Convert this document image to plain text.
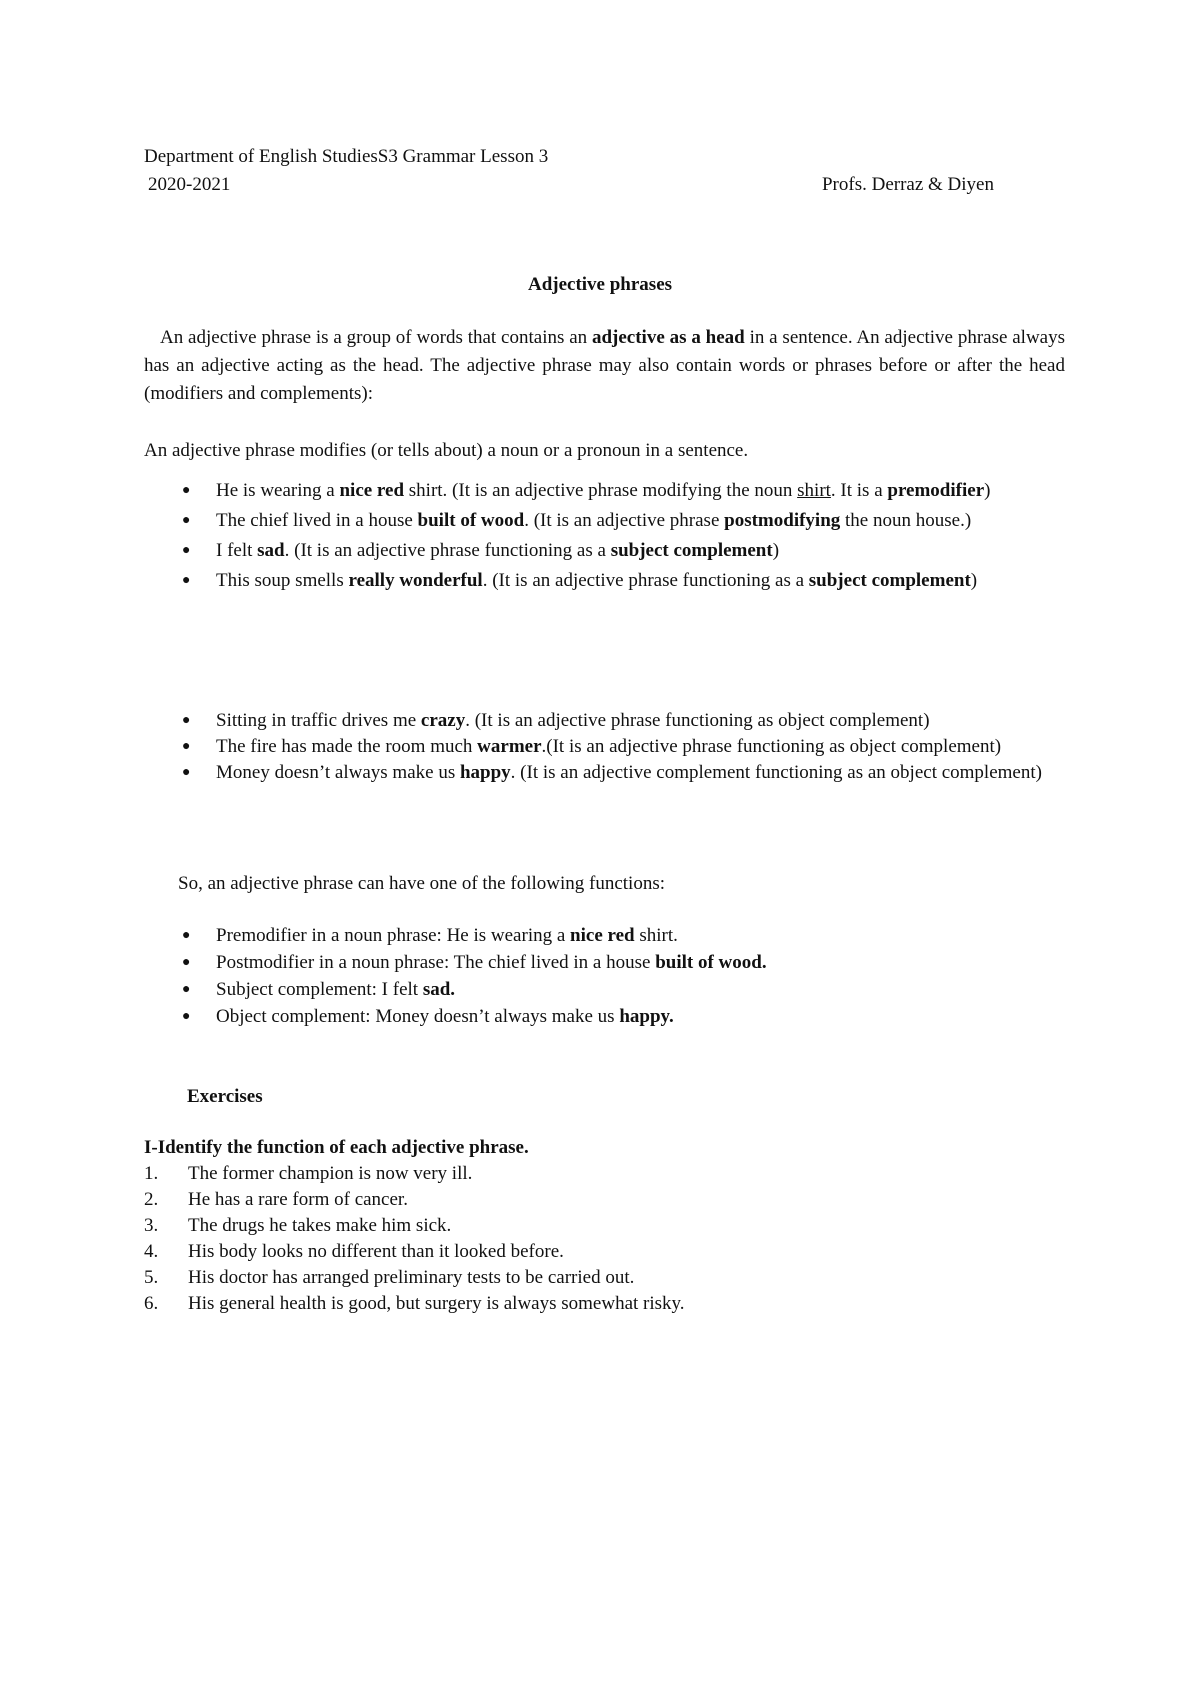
Department of English StudiesS3 Grammar Lesson 3
2020-2021	Profs. Derraz & Diyen
Adjective phrases

An adjective phrase is a group of words that contains an adjective as a head in a sentence. An adjective phrase always has an adjective acting as the head. The adjective phrase may also contain words or phrases before or after the head (modifiers and complements):

An adjective phrase modifies (or tells about) a noun or a pronoun in a sentence.
● He is wearing a nice red shirt. (It is an adjective phrase modifying the noun shirt. It is a premodifier)
● The chief lived in a house built of wood. (It is an adjective phrase postmodifying the noun house.)
● I felt sad. (It is an adjective phrase functioning as a subject complement)
● This soup smells really wonderful. (It is an adjective phrase functioning as a subject complement)
● Sitting in traffic drives me crazy. (It is an adjective phrase functioning as object complement)
● The fire has made the room much warmer.(It is an adjective phrase functioning as object complement)
● Money doesn’t always make us happy. (It is an adjective complement functioning as an object complement)
So, an adjective phrase can have one of the following functions:
● Premodifier in a noun phrase: He is wearing a nice red shirt.
● Postmodifier in a noun phrase: The chief lived in a house built of wood.
● Subject complement: I felt sad.
● Object complement: Money doesn’t always make us happy.
Exercises
I-Identify the function of each adjective phrase.
1. The former champion is now very ill.
2. He has a rare form of cancer.
3. The drugs he takes make him sick.
4. His body looks no different than it looked before.
5. His doctor has arranged preliminary tests to be carried out.
6. His general health is good, but surgery is always somewhat risky.
